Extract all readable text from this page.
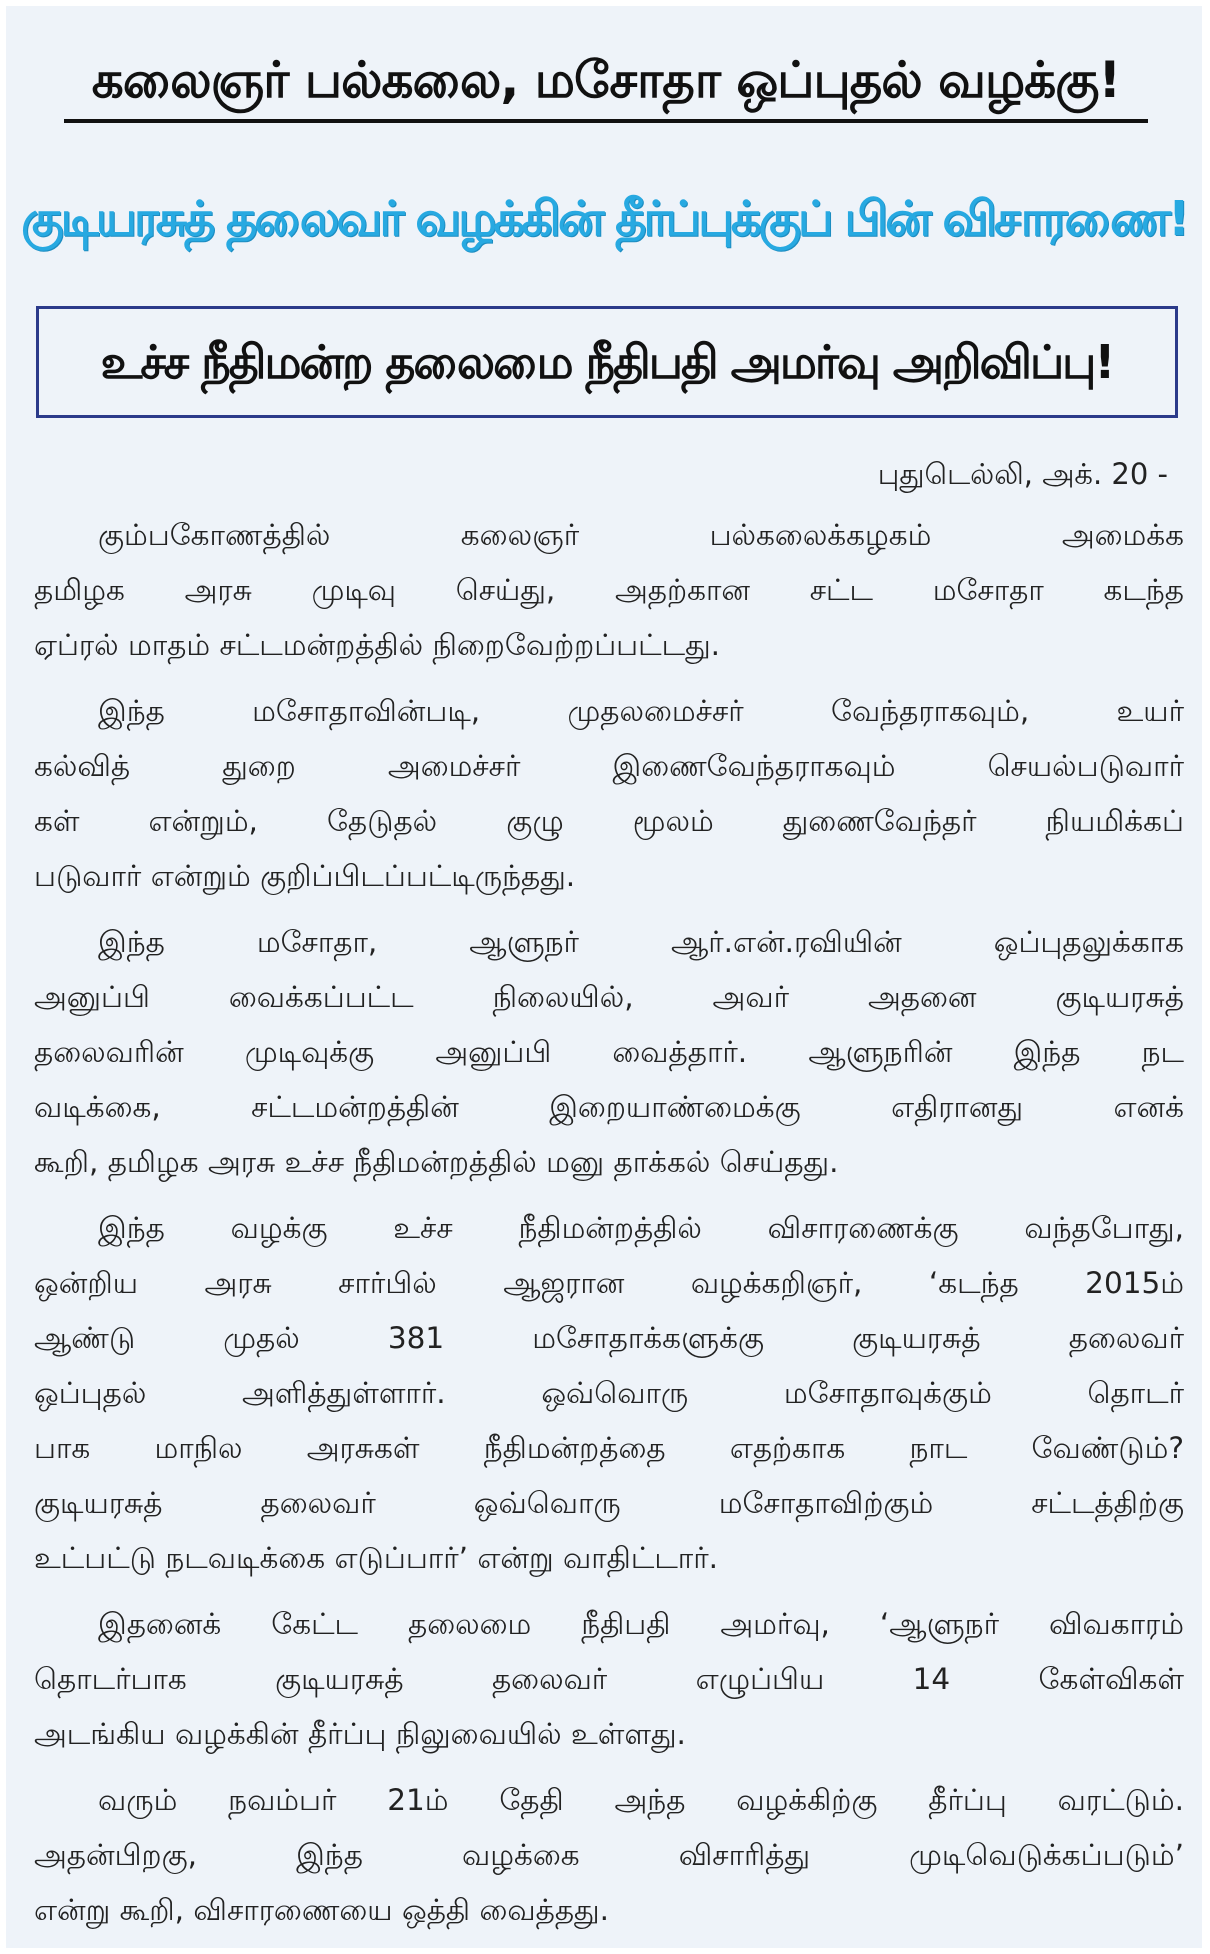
கலைஞர் பல்கலை, மசோதா ஒப்புதல் வழக்கு!
குடியரசுத் தலைவர் வழக்கின் தீர்ப்புக்குப் பின் விசாரணை!
உச்ச நீதிமன்ற தலைமை நீதிபதி அமர்வு அறிவிப்பு!
புதுடெல்லி, அக். 20 -
கும்பகோணத்தில் கலைஞர் பல்கலைக்கழகம் அமைக்க
தமிழக அரசு முடிவு செய்து, அதற்கான சட்ட மசோதா கடந்த
ஏப்ரல் மாதம் சட்டமன்றத்தில் நிறைவேற்றப்பட்டது.
இந்த மசோதாவின்படி, முதலமைச்சர் வேந்தராகவும், உயர்
கல்வித் துறை அமைச்சர் இணைவேந்தராகவும் செயல்படுவார்
கள் என்றும், தேடுதல் குழு மூலம் துணைவேந்தர் நியமிக்கப்
படுவார் என்றும் குறிப்பிடப்பட்டிருந்தது.
இந்த மசோதா, ஆளுநர் ஆர்.என்.ரவியின் ஒப்புதலுக்காக
அனுப்பி வைக்கப்பட்ட நிலையில், அவர் அதனை குடியரசுத்
தலைவரின் முடிவுக்கு அனுப்பி வைத்தார். ஆளுநரின் இந்த நட
வடிக்கை, சட்டமன்றத்தின் இறையாண்மைக்கு எதிரானது எனக்
கூறி, தமிழக அரசு உச்ச நீதிமன்றத்தில் மனு தாக்கல் செய்தது.
இந்த வழக்கு உச்ச நீதிமன்றத்தில் விசாரணைக்கு வந்தபோது,
ஒன்றிய அரசு சார்பில் ஆஜரான வழக்கறிஞர், ‘கடந்த 2015ம்
ஆண்டு முதல் 381 மசோதாக்களுக்கு குடியரசுத் தலைவர்
ஒப்புதல் அளித்துள்ளார். ஒவ்வொரு மசோதாவுக்கும் தொடர்
பாக மாநில அரசுகள் நீதிமன்றத்தை எதற்காக நாட வேண்டும்?
குடியரசுத் தலைவர் ஒவ்வொரு மசோதாவிற்கும் சட்டத்திற்கு
உட்பட்டு நடவடிக்கை எடுப்பார்’ என்று வாதிட்டார்.
இதனைக் கேட்ட தலைமை நீதிபதி அமர்வு, ‘ஆளுநர் விவகாரம்
தொடர்பாக குடியரசுத் தலைவர் எழுப்பிய 14 கேள்விகள்
அடங்கிய வழக்கின் தீர்ப்பு நிலுவையில் உள்ளது.
வரும் நவம்பர் 21ம் தேதி அந்த வழக்கிற்கு தீர்ப்பு வரட்டும்.
அதன்பிறகு, இந்த வழக்கை விசாரித்து முடிவெடுக்கப்படும்’
என்று கூறி, விசாரணையை ஒத்தி வைத்தது.
